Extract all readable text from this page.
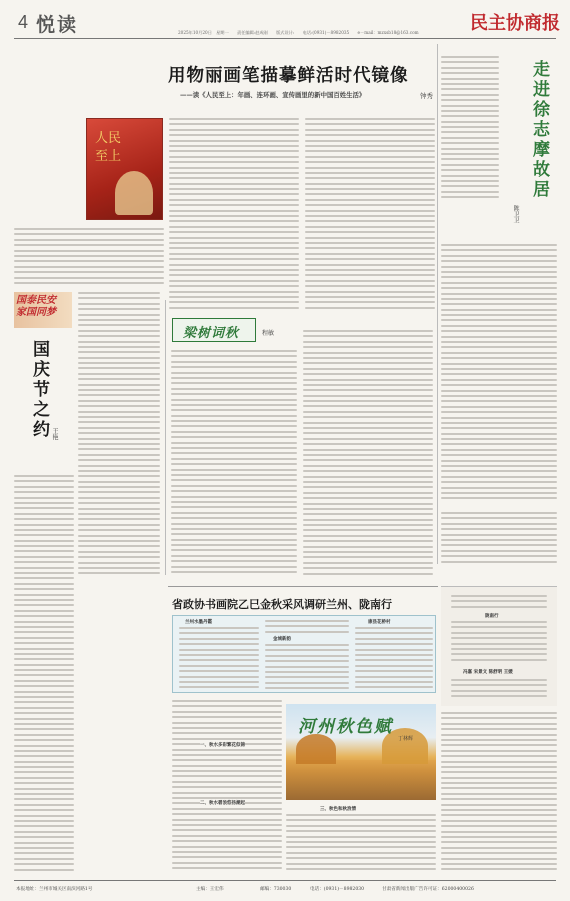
4 悦读	2025年10月20日　星期一　　责任编辑:赵成刚　　版式设计:　　电话:(0931)－8982035　　e－mail：mzxsb18@163.com	民主协商报
用物丽画笔描摹鲜活时代镜像
——读《人民至上：年画、连环画、宣传画里的新中国百姓生活》	钟秀
人民
至上	走进徐志摩故居
陈卫卫
国泰民安
家国同梦
国庆节之约 王艳
梁树词秋	程敏
省政协书画院乙巳金秋采风调研兰州、陇南行
兰州水墨丹霞
金城新韵
康县花桥村
陇南行
冯嘉 宋景文 陈舒明 王媛
一、秋水多彩繁花似锦
二、秋水碧浪悠扬潮起
河州秋色赋
丁林辉
三、秋色和秋浪情
本报地址：兰州市城关区南滨河路1号	主编：王宏伟	邮编：730030	电话：(0931)－8982030	甘肃省新闻出版广告许可证：62000400026
